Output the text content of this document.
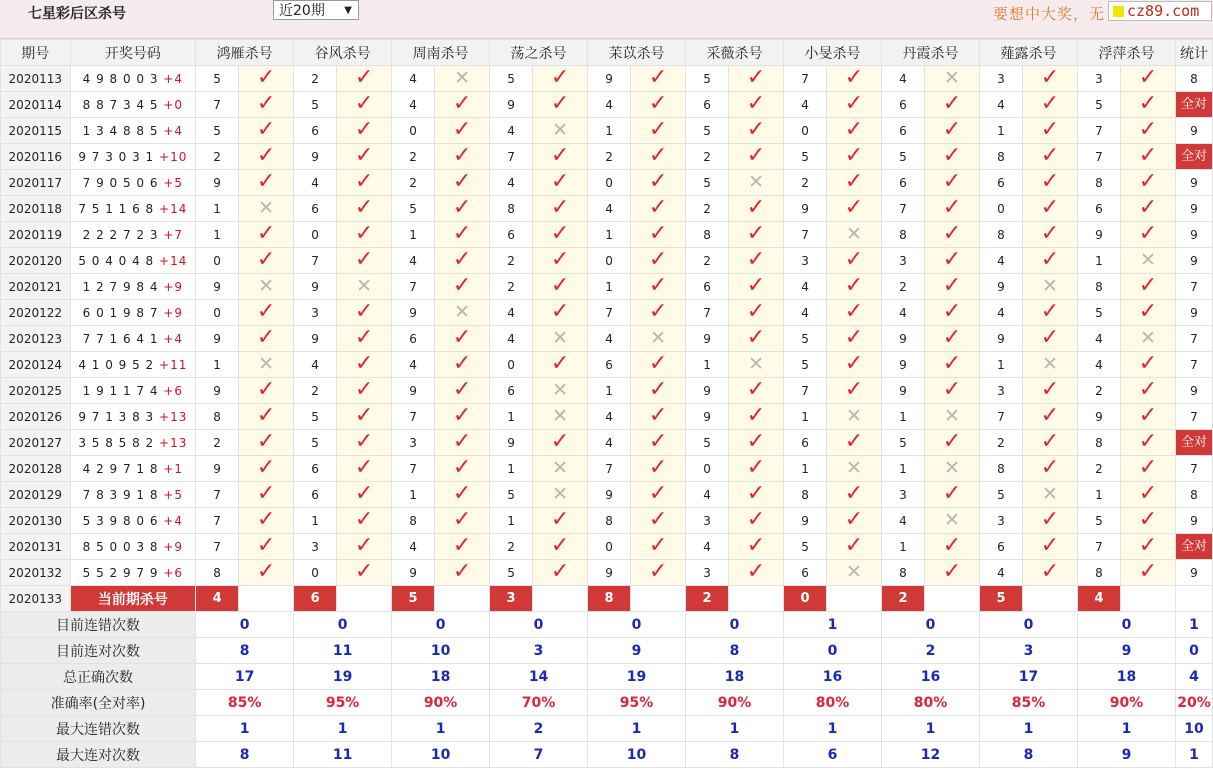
七星彩后区杀号	近20期 ▼	要想中大奖，无	cz89.com
期号	开奖号码	鸿雁杀号		谷风杀号		周南杀号		荡之杀号		苿苡杀号		采薇杀号		小旻杀号		丹霞杀号		薤露杀号		浮萍杀号		统计
2020113	4 9 8 0 0 3 +4	5	✓	2	✓	4	✕	5	✓	9	✓	5	✓	7	✓	4	✕	3	✓	3	✓	8
2020114	8 8 7 3 4 5 +0	7	✓	5	✓	4	✓	9	✓	4	✓	6	✓	4	✓	6	✓	4	✓	5	✓	全对

2020115	1 3 4 8 8 5 +4	5	✓	6	✓	0	✓	4	✕	1	✓	5	✓	0	✓	6	✓	1	✓	7	✓	9
2020116	9 7 3 0 3 1 +10	2	✓	9	✓	2	✓	7	✓	2	✓	2	✓	5	✓	5	✓	8	✓	7	✓	全对

2020117	7 9 0 5 0 6 +5	9	✓	4	✓	2	✓	4	✓	0	✓	5	✕	2	✓	6	✓	6	✓	8	✓	9
2020118	7 5 1 1 6 8 +14	1	✕	6	✓	5	✓	8	✓	4	✓	2	✓	9	✓	7	✓	0	✓	6	✓	9
2020119	2 2 2 7 2 3 +7	1	✓	0	✓	1	✓	6	✓	1	✓	8	✓	7	✕	8	✓	8	✓	9	✓	9
2020120	5 0 4 0 4 8 +14	0	✓	7	✓	4	✓	2	✓	0	✓	2	✓	3	✓	3	✓	4	✓	1	✕	9
2020121	1 2 7 9 8 4 +9	9	✕	9	✕	7	✓	2	✓	1	✓	6	✓	4	✓	2	✓	9	✕	8	✓	7
2020122	6 0 1 9 8 7 +9	0	✓	3	✓	9	✕	4	✓	7	✓	7	✓	4	✓	4	✓	4	✓	5	✓	9
2020123	7 7 1 6 4 1 +4	9	✓	9	✓	6	✓	4	✕	4	✕	9	✓	5	✓	9	✓	9	✓	4	✕	7
2020124	4 1 0 9 5 2 +11	1	✕	4	✓	4	✓	0	✓	6	✓	1	✕	5	✓	9	✓	1	✕	4	✓	7
2020125	1 9 1 1 7 4 +6	9	✓	2	✓	9	✓	6	✕	1	✓	9	✓	7	✓	9	✓	3	✓	2	✓	9
2020126	9 7 1 3 8 3 +13	8	✓	5	✓	7	✓	1	✕	4	✓	9	✓	1	✕	1	✕	7	✓	9	✓	7
2020127	3 5 8 5 8 2 +13	2	✓	5	✓	3	✓	9	✓	4	✓	5	✓	6	✓	5	✓	2	✓	8	✓	全对

2020128	4 2 9 7 1 8 +1	9	✓	6	✓	7	✓	1	✕	7	✓	0	✓	1	✕	1	✕	8	✓	2	✓	7
2020129	7 8 3 9 1 8 +5	7	✓	6	✓	1	✓	5	✕	9	✓	4	✓	8	✓	3	✓	5	✕	1	✓	8
2020130	5 3 9 8 0 6 +4	7	✓	1	✓	8	✓	1	✓	8	✓	3	✓	9	✓	4	✕	3	✓	5	✓	9
2020131	8 5 0 0 3 8 +9	7	✓	3	✓	4	✓	2	✓	0	✓	4	✓	5	✓	1	✓	6	✓	7	✓	全对

2020132	5 5 2 9 7 9 +6	8	✓	0	✓	9	✓	5	✓	9	✓	3	✓	6	✕	8	✓	4	✓	8	✓	9
2020133	当前期杀号	4		6		5		3		8		2		0		2		5		4		

目前连错次数		0		0		0		0		0		0		1		0		0		0		1
目前连对次数		8		11		10		3		9		8		0		2		3		9		0
总正确次数		17		19		18		14		19		18		16		16		17		18		4
准确率(全对率)		85%		95%		90%		70%		95%		90%		80%		80%		85%		90%		20%
最大连错次数		1		1		1		2		1		1		1		1		1		1		10
最大连对次数		8		11		10		7		10		8		6		12		8		9		1
